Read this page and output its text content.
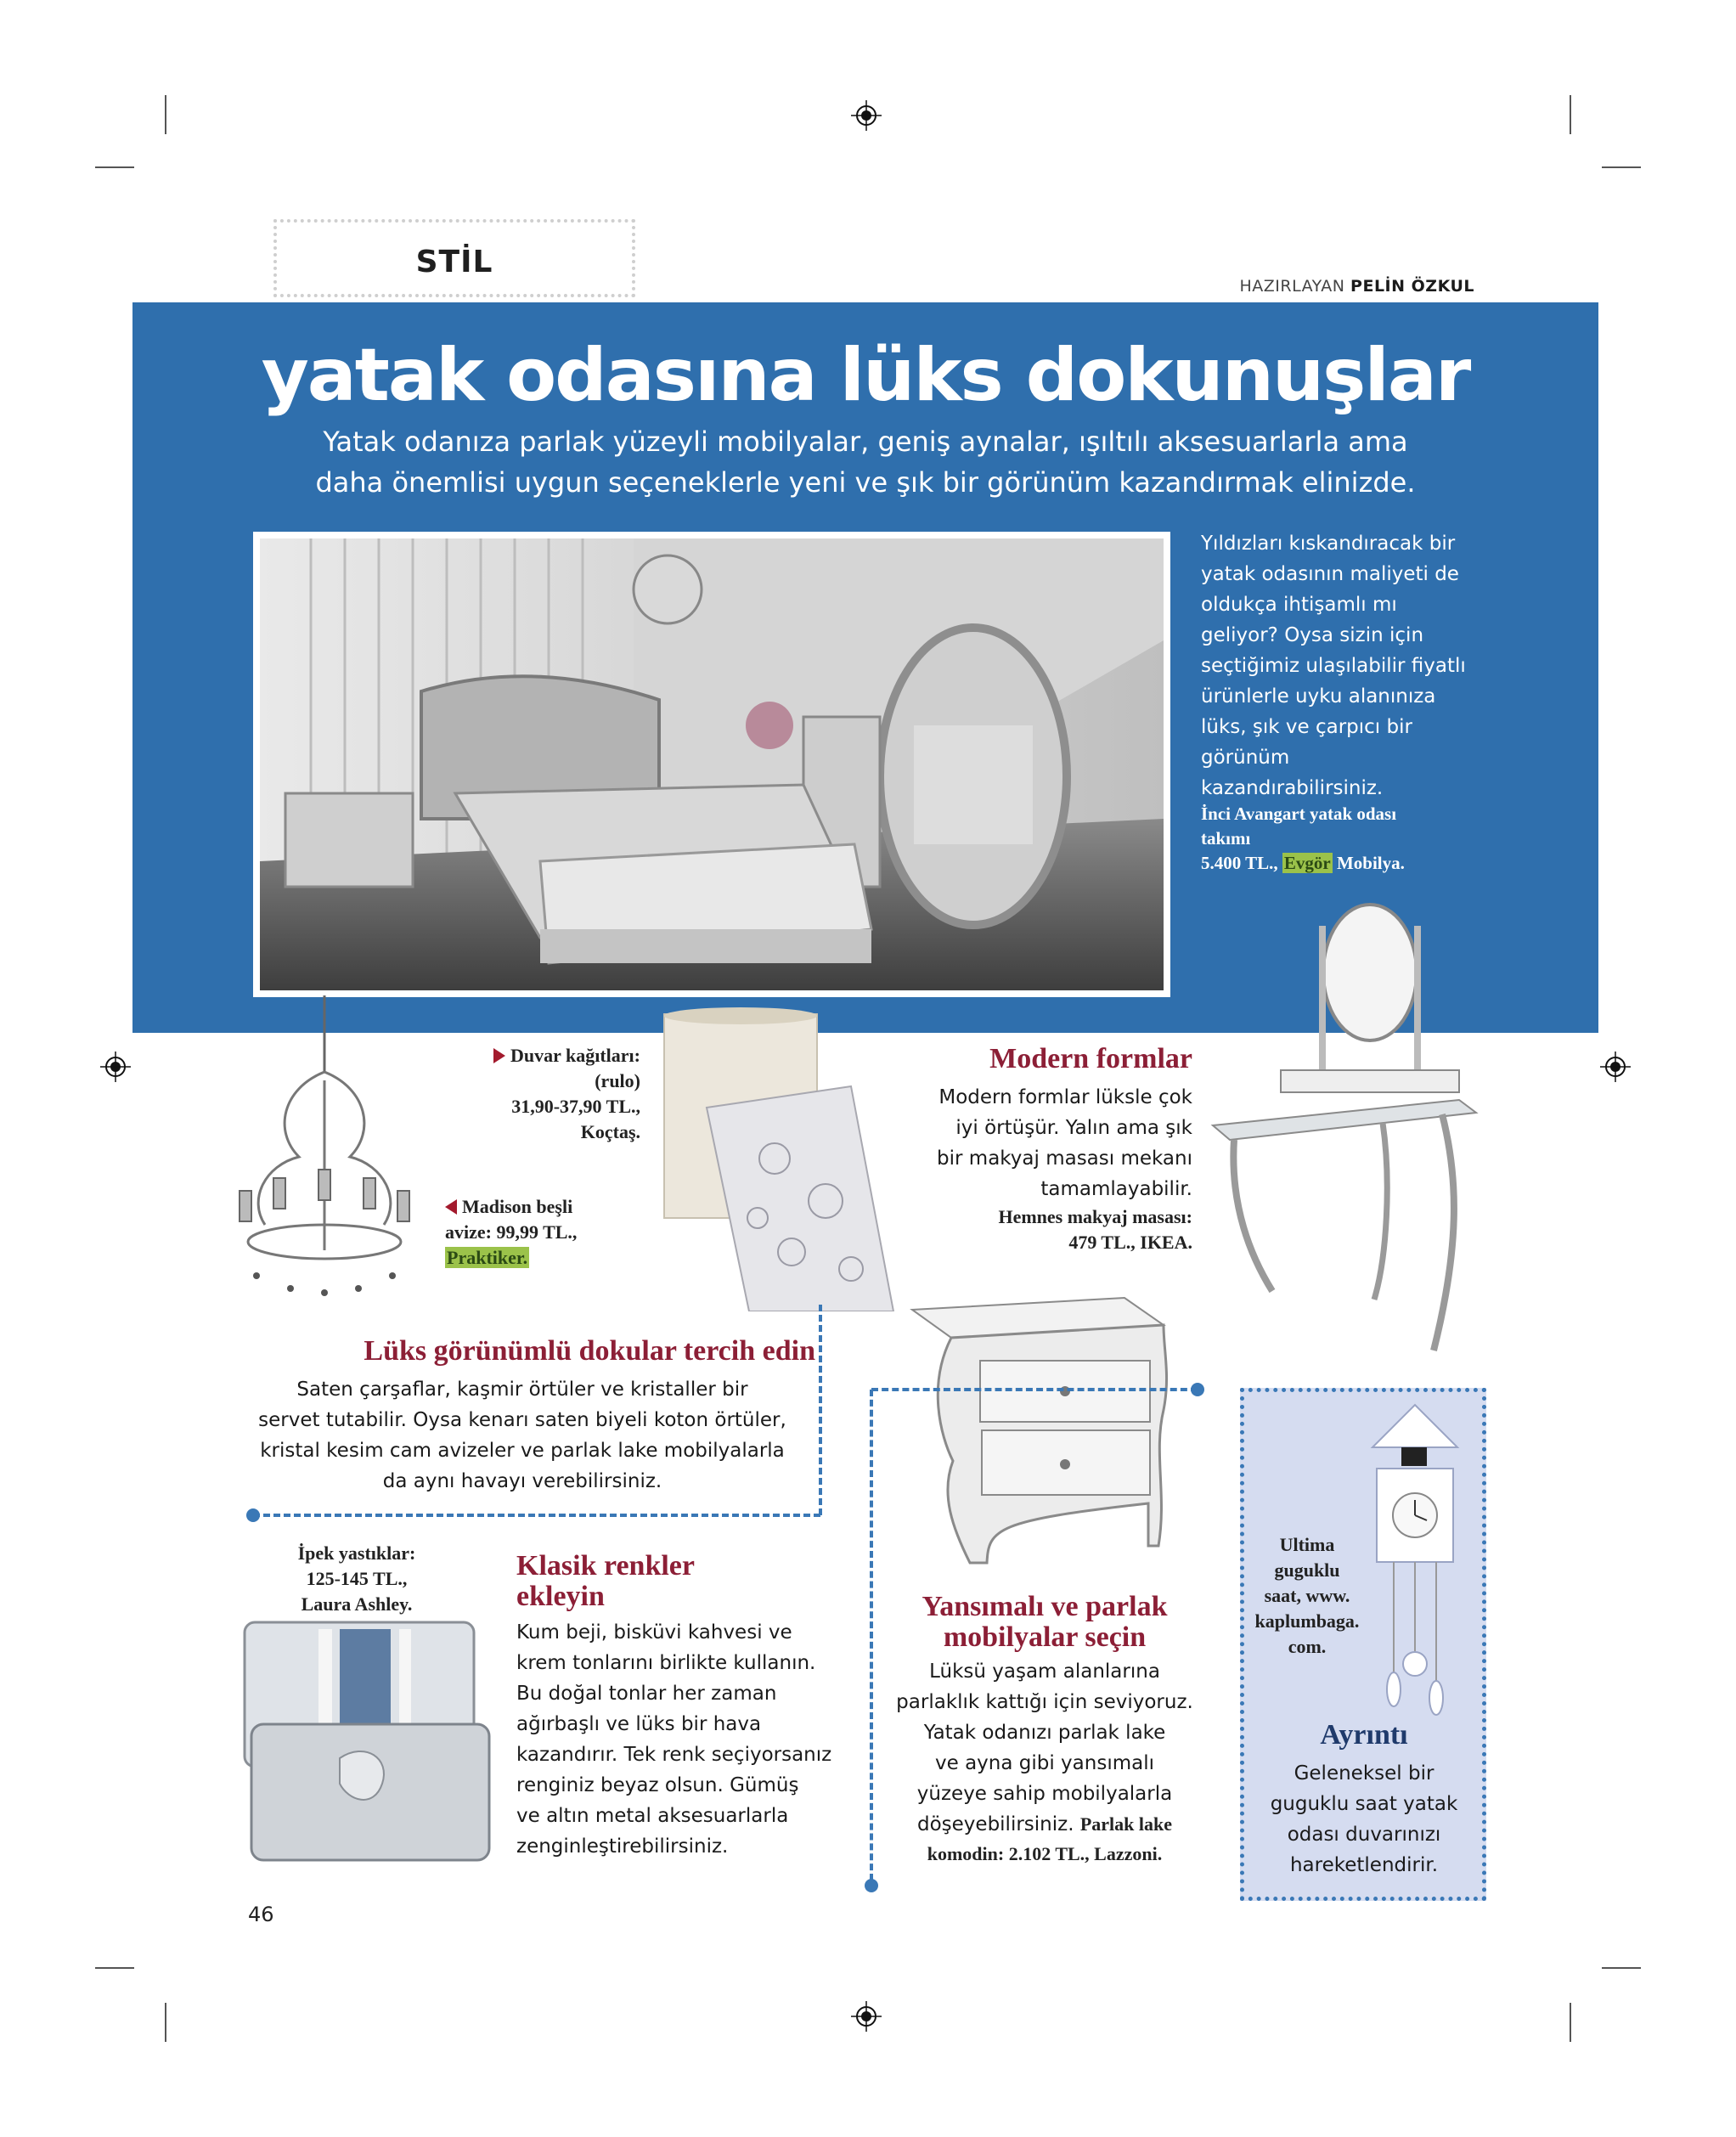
STİL
HAZIRLAYAN PELİN ÖZKUL
yatak odasına lüks dokunuşlar
Yatak odanıza parlak yüzeyli mobilyalar, geniş aynalar, ışıltılı aksesuarlarla ama
daha önemlisi uygun seçeneklerle yeni ve şık bir görünüm kazandırmak elinizde.
Yıldızları kıskandıracak bir yatak odasının maliyeti de oldukça ihtişamlı mı geliyor? Oysa sizin için seçtiğimiz ulaşılabilir fiyatlı ürünlerle uyku alanınıza lüks, şık ve çarpıcı bir görünüm kazandırabilirsiniz.
İnci Avangart yatak odası
takımı
5.400 TL., Evgör Mobilya.
Duvar kağıtları:
(rulo)
31,90-37,90 TL.,
Koçtaş.
Madison beşli
avize: 99,99 TL.,
Praktiker.
Modern formlar
Modern formlar lüksle çok
iyi örtüşür. Yalın ama şık
bir makyaj masası mekanı
tamamlayabilir.
Hemnes makyaj masası:
479 TL., IKEA.
Lüks görünümlü dokular tercih edin
Saten çarşaflar, kaşmir örtüler ve kristaller bir
servet tutabilir. Oysa kenarı saten biyeli koton örtüler,
kristal kesim cam avizeler ve parlak lake mobilyalarla
da aynı havayı verebilirsiniz.
İpek yastıklar:
125-145 TL.,
Laura Ashley.
Klasik renkler
ekleyin
Kum beji, bisküvi kahvesi ve
krem tonlarını birlikte kullanın.
Bu doğal tonlar her zaman
ağırbaşlı ve lüks bir hava
kazandırır. Tek renk seçiyorsanız
renginiz beyaz olsun. Gümüş
ve altın metal aksesuarlarla
zenginleştirebilirsiniz.
Yansımalı ve parlak
mobilyalar seçin
Lüksü yaşam alanlarına
parlaklık kattığı için seviyoruz.
Yatak odanızı parlak lake
ve ayna gibi yansımalı
yüzeye sahip mobilyalarla
döşeyebilirsiniz. Parlak lake
komodin: 2.102 TL., Lazzoni.
Ultima
guguklu
saat, www.
kaplumbaga.
com.
Ayrıntı
Geleneksel bir
guguklu saat yatak
odası duvarınızı
hareketlendirir.
46
